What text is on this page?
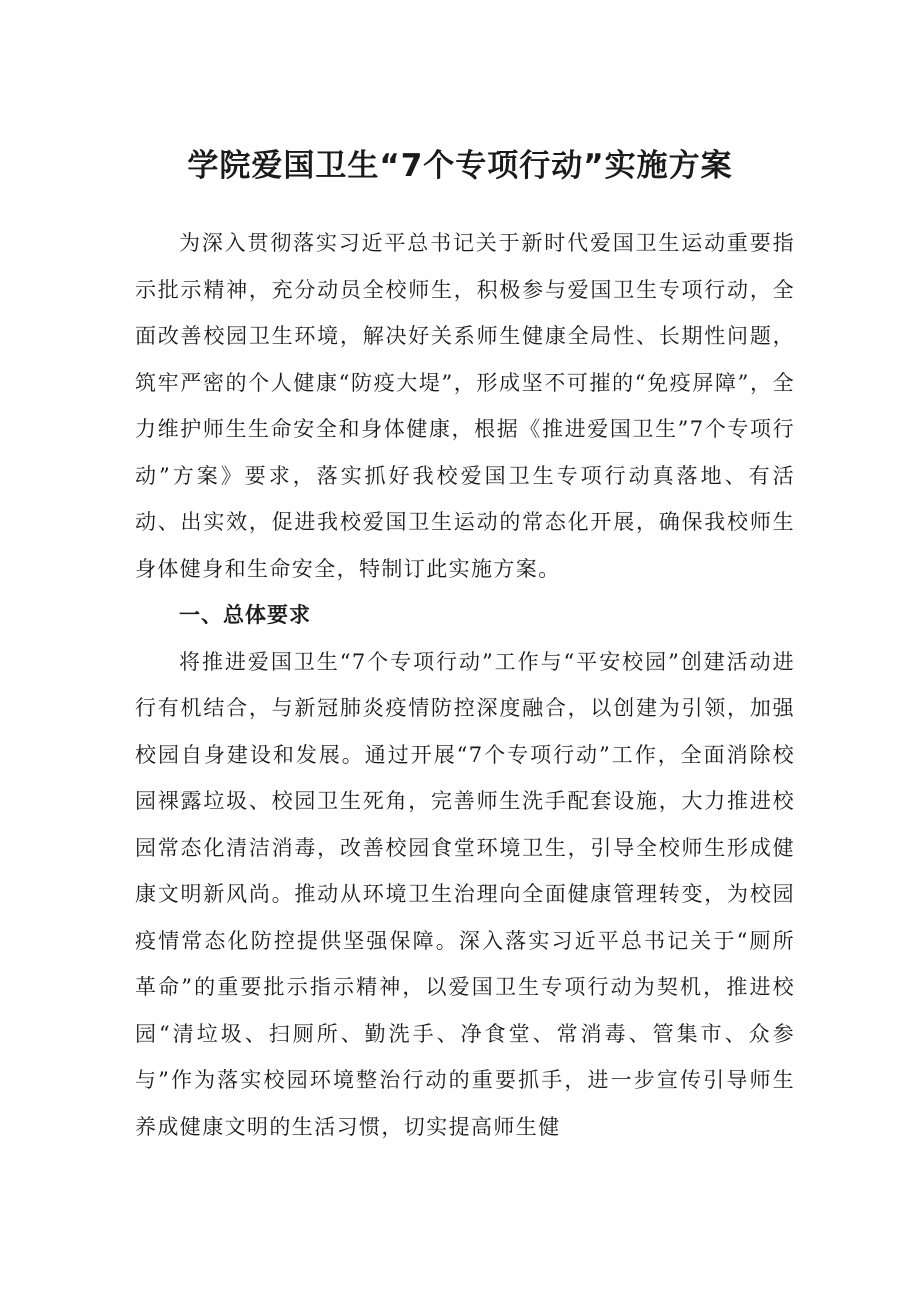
学院爱国卫生“7个专项行动”实施方案

为深入贯彻落实习近平总书记关于新时代爱国卫生运动重要指示批示精神，充分动员全校师生，积极参与爱国卫生专项行动，全面改善校园卫生环境，解决好关系师生健康全局性、长期性问题，筑牢严密的个人健康“防疫大堤”，形成坚不可摧的“免疫屏障”，全力维护师生生命安全和身体健康，根据《推进爱国卫生”7个专项行动”方案》要求，落实抓好我校爱国卫生专项行动真落地、有活动、出实效，促进我校爱国卫生运动的常态化开展，确保我校师生身体健身和生命安全，特制订此实施方案。

一、总体要求

将推进爱国卫生“7个专项行动”工作与“平安校园”创建活动进行有机结合，与新冠肺炎疫情防控深度融合，以创建为引领，加强校园自身建设和发展。通过开展“7个专项行动”工作，全面消除校园裸露垃圾、校园卫生死角，完善师生洗手配套设施，大力推进校园常态化清洁消毒，改善校园食堂环境卫生，引导全校师生形成健康文明新风尚。推动从环境卫生治理向全面健康管理转变，为校园疫情常态化防控提供坚强保障。深入落实习近平总书记关于“厕所革命”的重要批示指示精神，以爱国卫生专项行动为契机，推进校园“清垃圾、扫厕所、勤洗手、净食堂、常消毒、管集市、众参与”作为落实校园环境整治行动的重要抓手，进一步宣传引导师生养成健康文明的生活习惯，切实提高师生健
